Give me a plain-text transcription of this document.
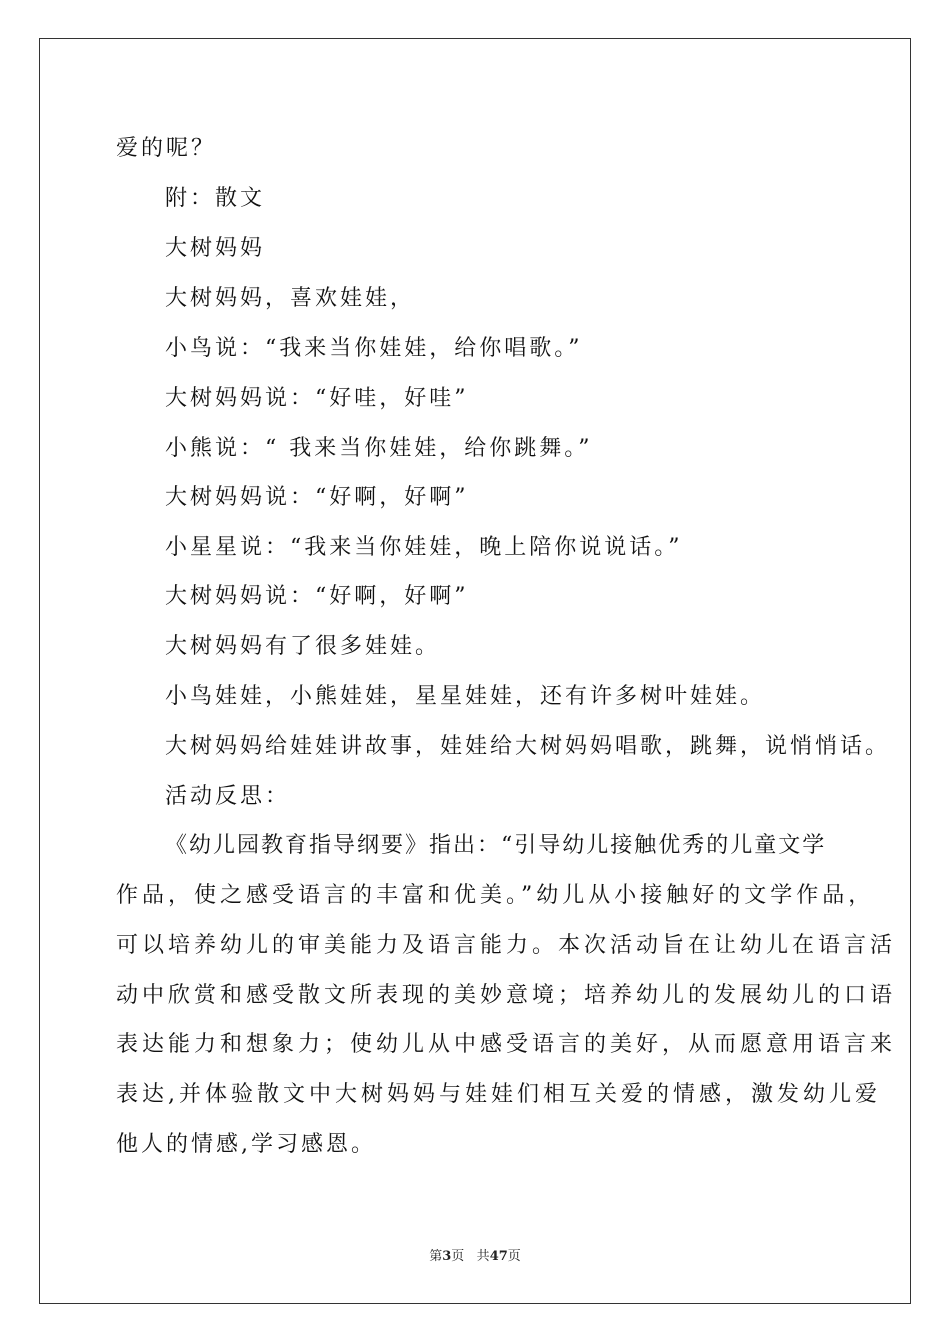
爱的呢？
附：散文
大树妈妈
大树妈妈，喜欢娃娃，
小鸟说：“我来当你娃娃，给你唱歌。”
大树妈妈说：“好哇，好哇”
小熊说：“ 我来当你娃娃，给你跳舞。”
大树妈妈说：“好啊，好啊”
小星星说：“我来当你娃娃，晚上陪你说说话。”
大树妈妈说：“好啊，好啊”
大树妈妈有了很多娃娃。
小鸟娃娃，小熊娃娃，星星娃娃，还有许多树叶娃娃。
大树妈妈给娃娃讲故事，娃娃给大树妈妈唱歌，跳舞，说悄悄话。
活动反思：
《幼儿园教育指导纲要》指出：“引导幼儿接触优秀的儿童文学
作品，使之感受语言的丰富和优美。”幼儿从小接触好的文学作品，
可以培养幼儿的审美能力及语言能力。本次活动旨在让幼儿在语言活
动中欣赏和感受散文所表现的美妙意境；培养幼儿的发展幼儿的口语
表达能力和想象力；使幼儿从中感受语言的美好，从而愿意用语言来
表达,并体验散文中大树妈妈与娃娃们相互关爱的情感，激发幼儿爱
他人的情感,学习感恩。
第3页 共47页
